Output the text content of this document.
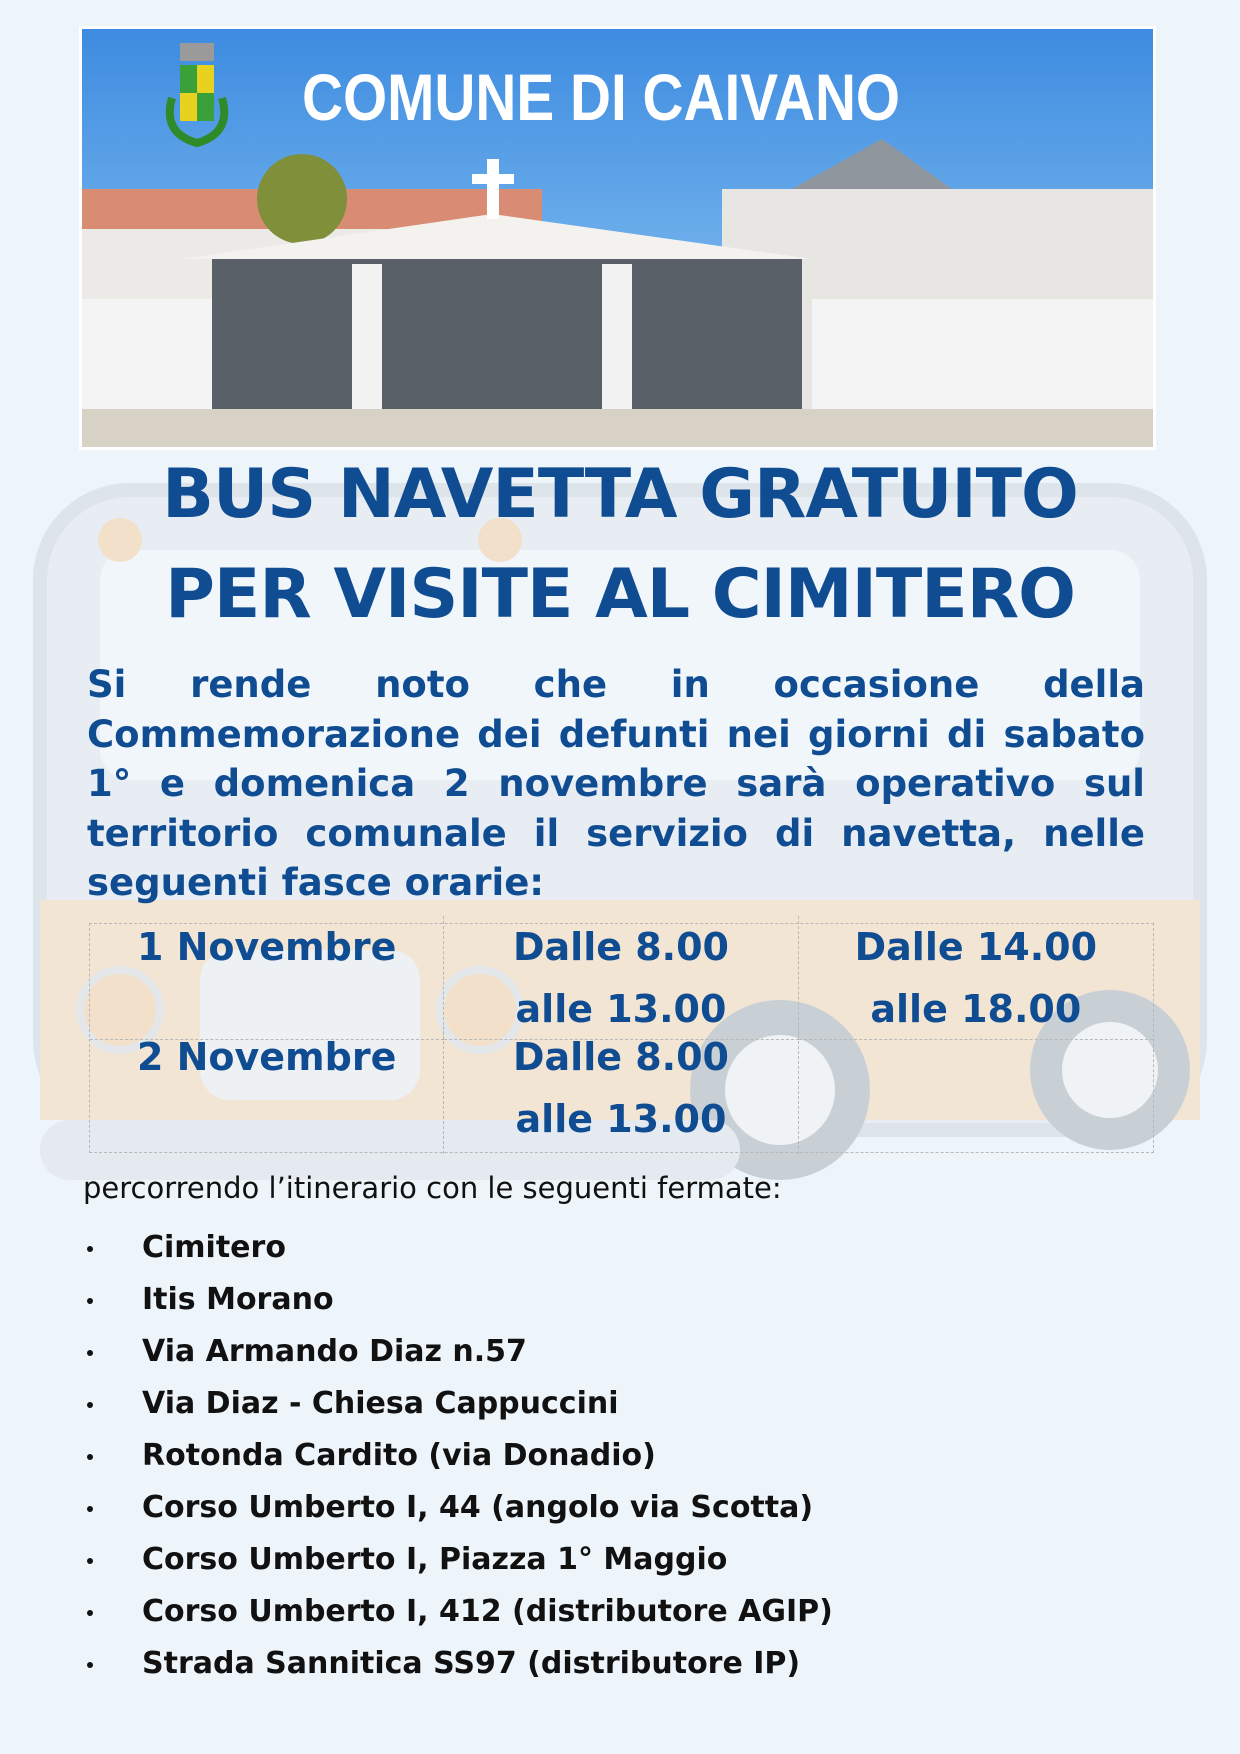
COMUNE DI CAIVANO
BUS NAVETTA GRATUITO
PER VISITE AL CIMITERO
Si rende noto che in occasione della Commemorazione dei defunti nei giorni di sabato 1° e domenica 2 novembre sarà operativo sul territorio comunale il servizio di navetta, nelle seguenti fasce orarie:
1 Novembre	Dalle 8.00
alle 13.00
Dalle 14.00
alle 18.00
2 Novembre	Dalle 8.00
alle 13.00
percorrendo l’itinerario con le seguenti fermate:
Cimitero
Itis Morano
Via Armando Diaz n.57
Via Diaz - Chiesa Cappuccini
Rotonda Cardito (via Donadio)
Corso Umberto I, 44 (angolo via Scotta)
Corso Umberto I, Piazza 1° Maggio
Corso Umberto I, 412 (distributore AGIP)
Strada Sannitica SS97 (distributore IP)
